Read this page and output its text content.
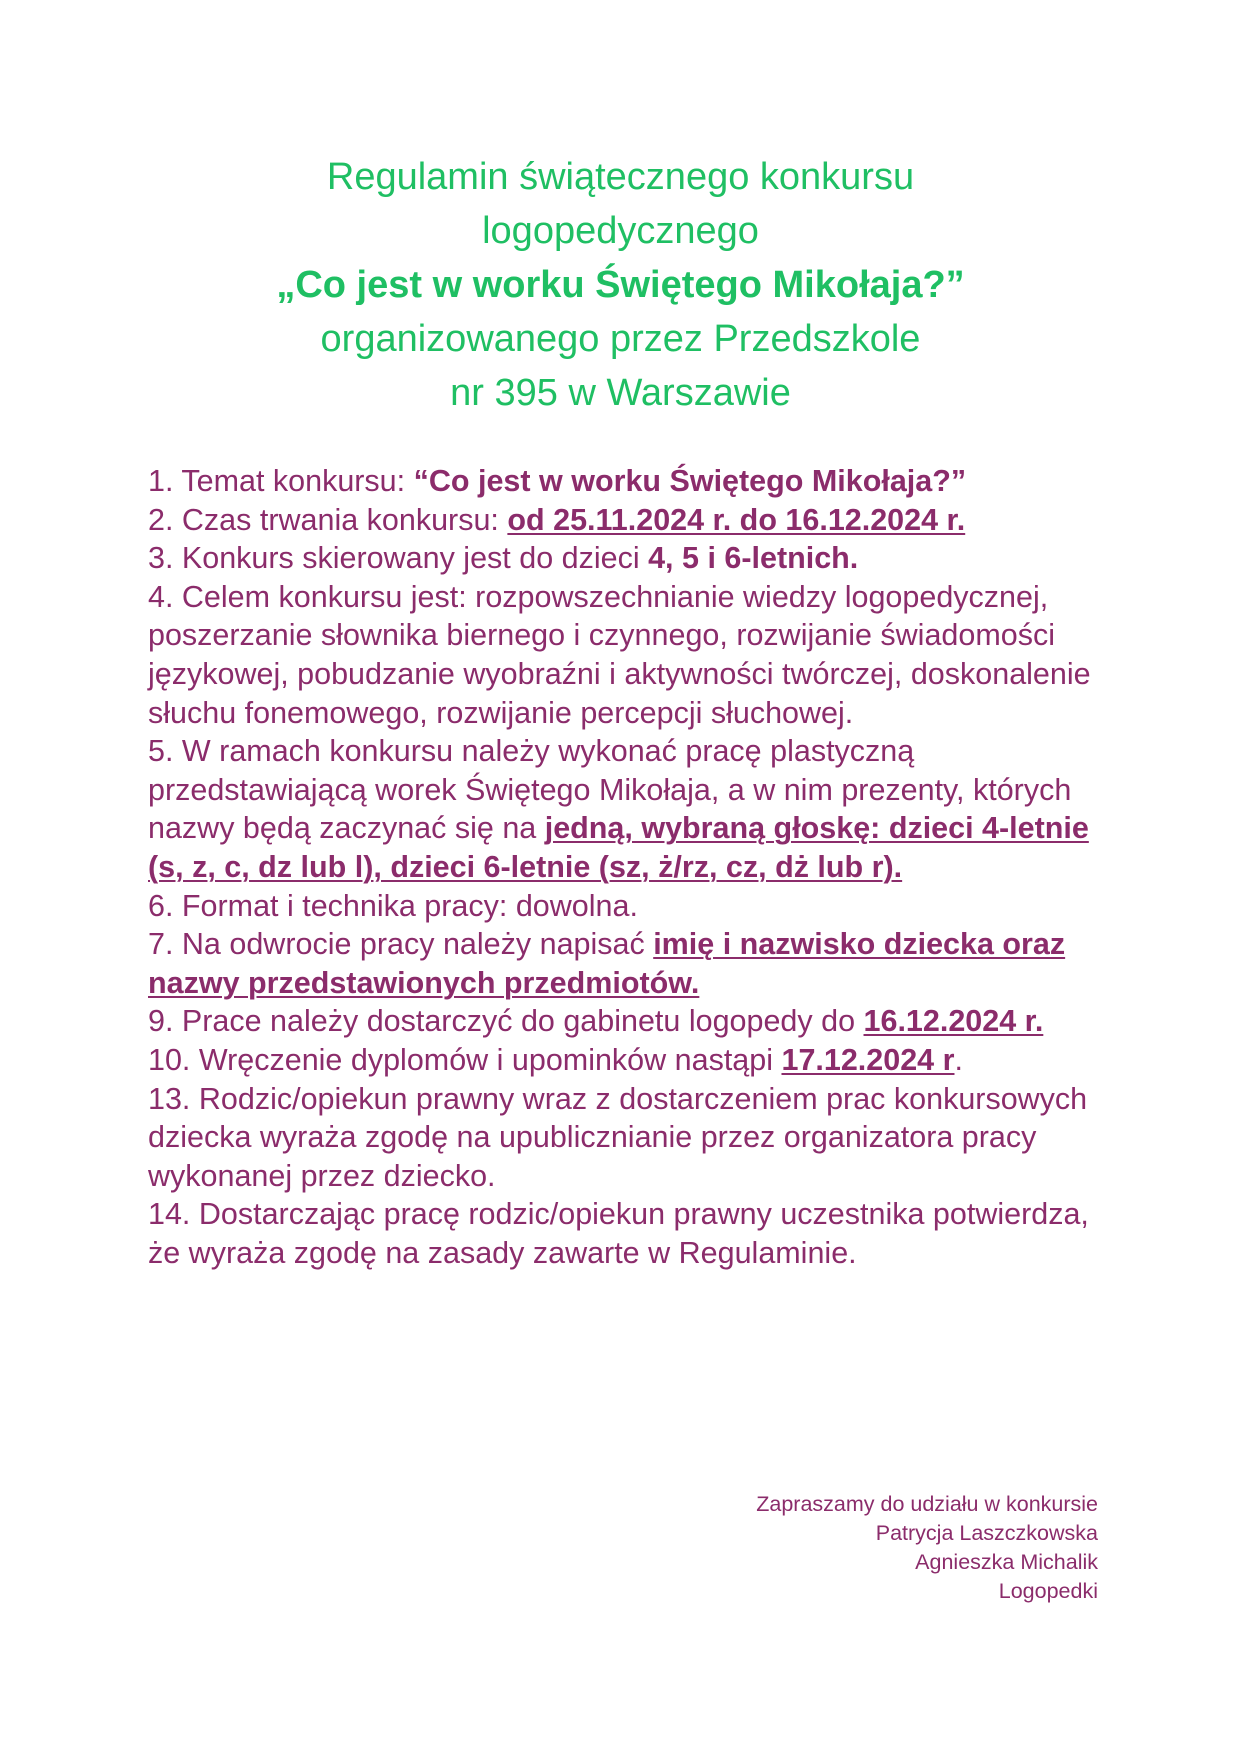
Regulamin świątecznego konkursu
logopedycznego
„Co jest w worku Świętego Mikołaja?”
organizowanego przez Przedszkole
nr 395 w Warszawie
1. Temat konkursu: “Co jest w worku Świętego Mikołaja?”
2. Czas trwania konkursu: od 25.11.2024 r. do 16.12.2024 r.
3. Konkurs skierowany jest do dzieci 4, 5 i 6-letnich.
4. Celem konkursu jest: rozpowszechnianie wiedzy logopedycznej, poszerzanie słownika biernego i czynnego, rozwijanie świadomości językowej, pobudzanie wyobraźni i aktywności twórczej, doskonalenie słuchu fonemowego, rozwijanie percepcji słuchowej.
5. W ramach konkursu należy wykonać pracę plastyczną przedstawiającą worek Świętego Mikołaja, a w nim prezenty, których nazwy będą zaczynać się na jedną, wybraną głoskę: dzieci 4-letnie (s, z, c, dz lub l), dzieci 6-letnie (sz, ż/rz, cz, dż lub r).
6. Format i technika pracy: dowolna.
7. Na odwrocie pracy należy napisać imię i nazwisko dziecka oraz nazwy przedstawionych przedmiotów.
9. Prace należy dostarczyć do gabinetu logopedy do 16.12.2024 r.
10. Wręczenie dyplomów i upominków nastąpi 17.12.2024 r.
13. Rodzic/opiekun prawny wraz z dostarczeniem prac konkursowych dziecka wyraża zgodę na upublicznianie przez organizatora pracy wykonanej przez dziecko.
14. Dostarczając pracę rodzic/opiekun prawny uczestnika potwierdza, że wyraża zgodę na zasady zawarte w Regulaminie.
Zapraszamy do udziału w konkursie
Patrycja Laszczkowska
Agnieszka Michalik
Logopedki
